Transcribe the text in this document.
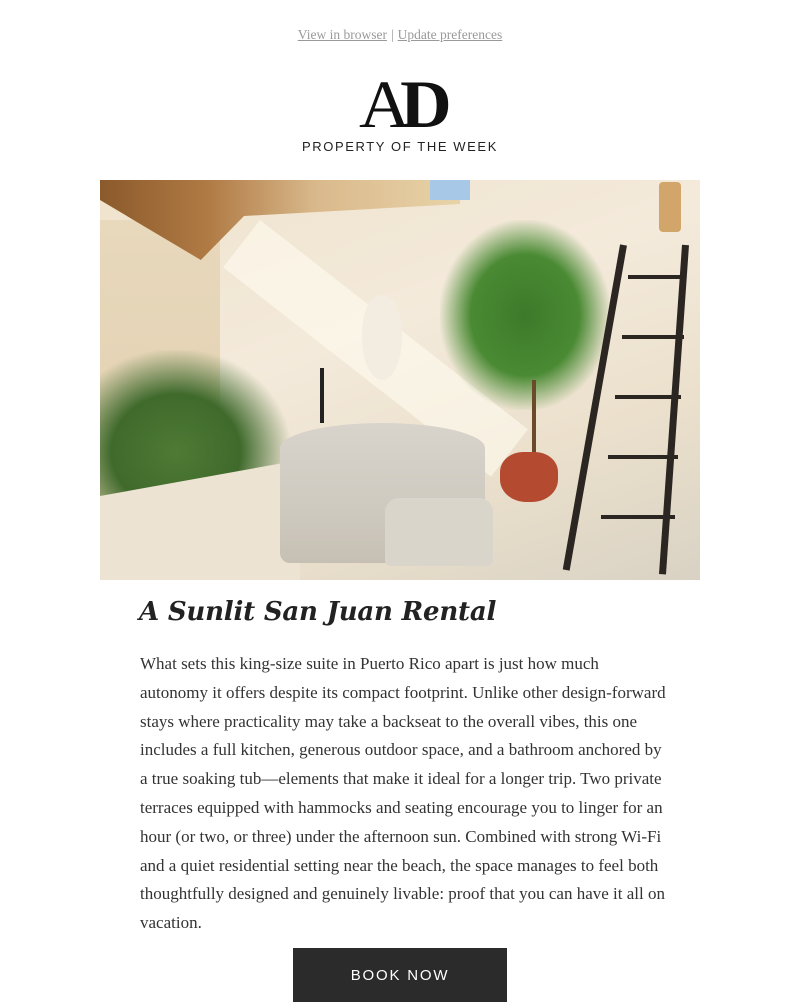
View in browser | Update preferences
AD
PROPERTY OF THE WEEK
A Sunlit San Juan Rental

What sets this king-size suite in Puerto Rico apart is just how much autonomy it offers despite its compact footprint. Unlike other design-forward stays where practicality may take a backseat to the overall vibes, this one includes a full kitchen, generous outdoor space, and a bathroom anchored by a true soaking tub—elements that make it ideal for a longer trip. Two private terraces equipped with hammocks and seating encourage you to linger for an hour (or two, or three) under the afternoon sun. Combined with strong Wi-Fi and a quiet residential setting near the beach, the space manages to feel both thoughtfully designed and genuinely livable: proof that you can have it all on vacation.

BOOK NOW
